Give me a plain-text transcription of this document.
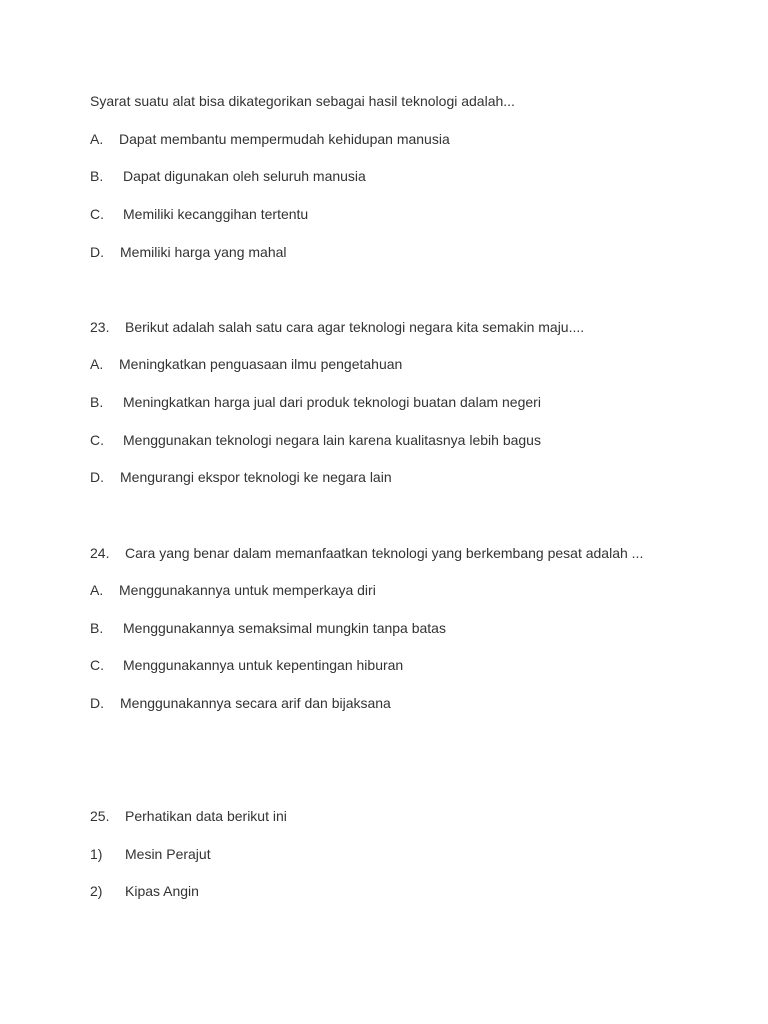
Syarat suatu alat bisa dikategorikan sebagai hasil teknologi adalah...
A. Dapat membantu mempermudah kehidupan manusia
B. Dapat digunakan oleh seluruh manusia
C. Memiliki kecanggihan tertentu
D. Memiliki harga yang mahal
23. Berikut adalah salah satu cara agar teknologi negara kita semakin maju....
A. Meningkatkan penguasaan ilmu pengetahuan
B. Meningkatkan harga jual dari produk teknologi buatan dalam negeri
C. Menggunakan teknologi negara lain karena kualitasnya lebih bagus
D. Mengurangi ekspor teknologi ke negara lain
24. Cara yang benar dalam memanfaatkan teknologi yang berkembang pesat adalah ...
A. Menggunakannya untuk memperkaya diri
B. Menggunakannya semaksimal mungkin tanpa batas
C. Menggunakannya untuk kepentingan hiburan
D. Menggunakannya secara arif dan bijaksana
25. Perhatikan data berikut ini
1) Mesin Perajut
2) Kipas Angin
